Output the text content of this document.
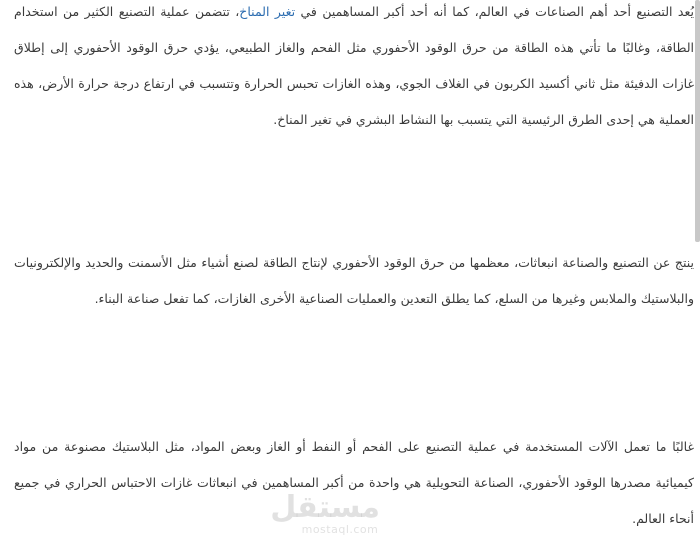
يُعد التصنيع أحد أهم الصناعات في العالم، كما أنه أحد أكبر المساهمين في تغير المناخ، تتضمن عملية التصنيع الكثير من استخدام الطاقة، وغالبًا ما تأتي هذه الطاقة من حرق الوقود الأحفوري مثل الفحم والغاز الطبيعي، يؤدي حرق الوقود الأحفوري إلى إطلاق غازات الدفيئة مثل ثاني أكسيد الكربون في الغلاف الجوي، وهذه الغازات تحبس الحرارة وتتسبب في ارتفاع درجة حرارة الأرض، هذه العملية هي إحدى الطرق الرئيسية التي يتسبب بها النشاط البشري في تغير المناخ.

ينتج عن التصنيع والصناعة انبعاثات، معظمها من حرق الوقود الأحفوري لإنتاج الطاقة لصنع أشياء مثل الأسمنت والحديد والإلكترونيات والبلاستيك والملابس وغيرها من السلع، كما يطلق التعدين والعمليات الصناعية الأخرى الغازات، كما تفعل صناعة البناء.

غالبًا ما تعمل الآلات المستخدمة في عملية التصنيع على الفحم أو النفط أو الغاز وبعض المواد، مثل البلاستيك مصنوعة من مواد كيميائية مصدرها الوقود الأحفوري، الصناعة التحويلية هي واحدة من أكبر المساهمين في انبعاثات غازات الاحتباس الحراري في جميع أنحاء العالم.

مستقل
mostaql.com
